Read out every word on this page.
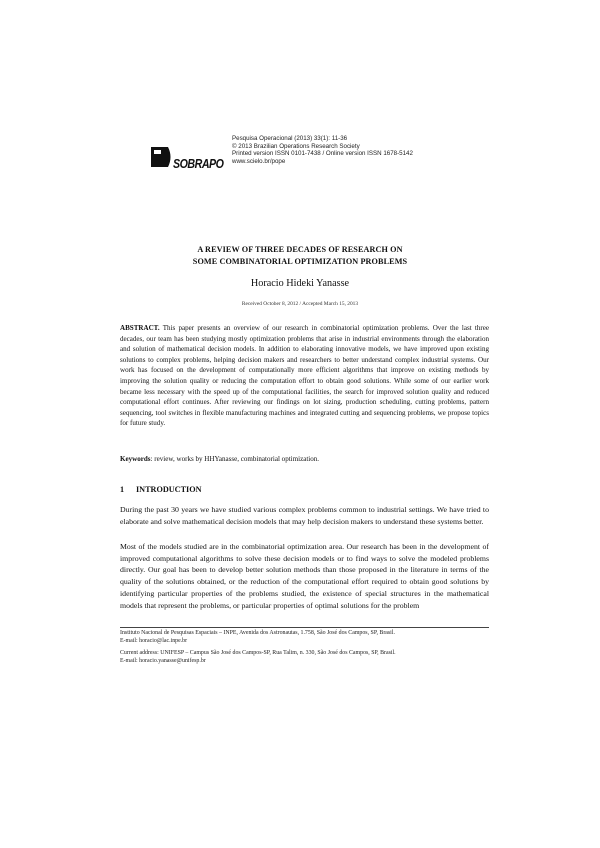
SOBRAPO
Pesquisa Operacional (2013) 33(1): 11-36
© 2013 Brazilian Operations Research Society
Printed version ISSN 0101-7438 / Online version ISSN 1678-5142
www.scielo.br/pope
A REVIEW OF THREE DECADES OF RESEARCH ON
SOME COMBINATORIAL OPTIMIZATION PROBLEMS
Horacio Hideki Yanasse
Received October 8, 2012 / Accepted March 15, 2013
ABSTRACT. This paper presents an overview of our research in combinatorial optimization problems. Over the last three decades, our team has been studying mostly optimization problems that arise in industrial environments through the elaboration and solution of mathematical decision models. In addition to elaborating innovative models, we have improved upon existing solutions to complex problems, helping decision makers and researchers to better understand complex industrial systems. Our work has focused on the development of computationally more efficient algorithms that improve on existing methods by improving the solution quality or reducing the computation effort to obtain good solutions. While some of our earlier work became less necessary with the speed up of the computational facilities, the search for improved solution quality and reduced computational effort continues. After reviewing our findings on lot sizing, production scheduling, cutting problems, pattern sequencing, tool switches in flexible manufacturing machines and integrated cutting and sequencing problems, we propose topics for future study.
Keywords: review, works by HHYanasse, combinatorial optimization.
1 INTRODUCTION
During the past 30 years we have studied various complex problems common to industrial settings. We have tried to elaborate and solve mathematical decision models that may help decision makers to understand these systems better.
Most of the models studied are in the combinatorial optimization area. Our research has been in the development of improved computational algorithms to solve these decision models or to find ways to solve the modeled problems directly. Our goal has been to develop better solution methods than those proposed in the literature in terms of the quality of the solutions obtained, or the reduction of the computational effort required to obtain good solutions by identifying particular properties of the problems studied, the existence of special structures in the mathematical models that represent the problems, or particular properties of optimal solutions for the problem
Instituto Nacional de Pesquisas Espaciais – INPE, Avenida dos Astronautas, 1.758, São José dos Campos, SP, Brasil.
E-mail: horacio@lac.inpe.br
Current address: UNIFESP – Campus São José dos Campos-SP, Rua Talim, n. 330, São José dos Campos, SP, Brasil.
E-mail: horacio.yanasse@unifesp.br
